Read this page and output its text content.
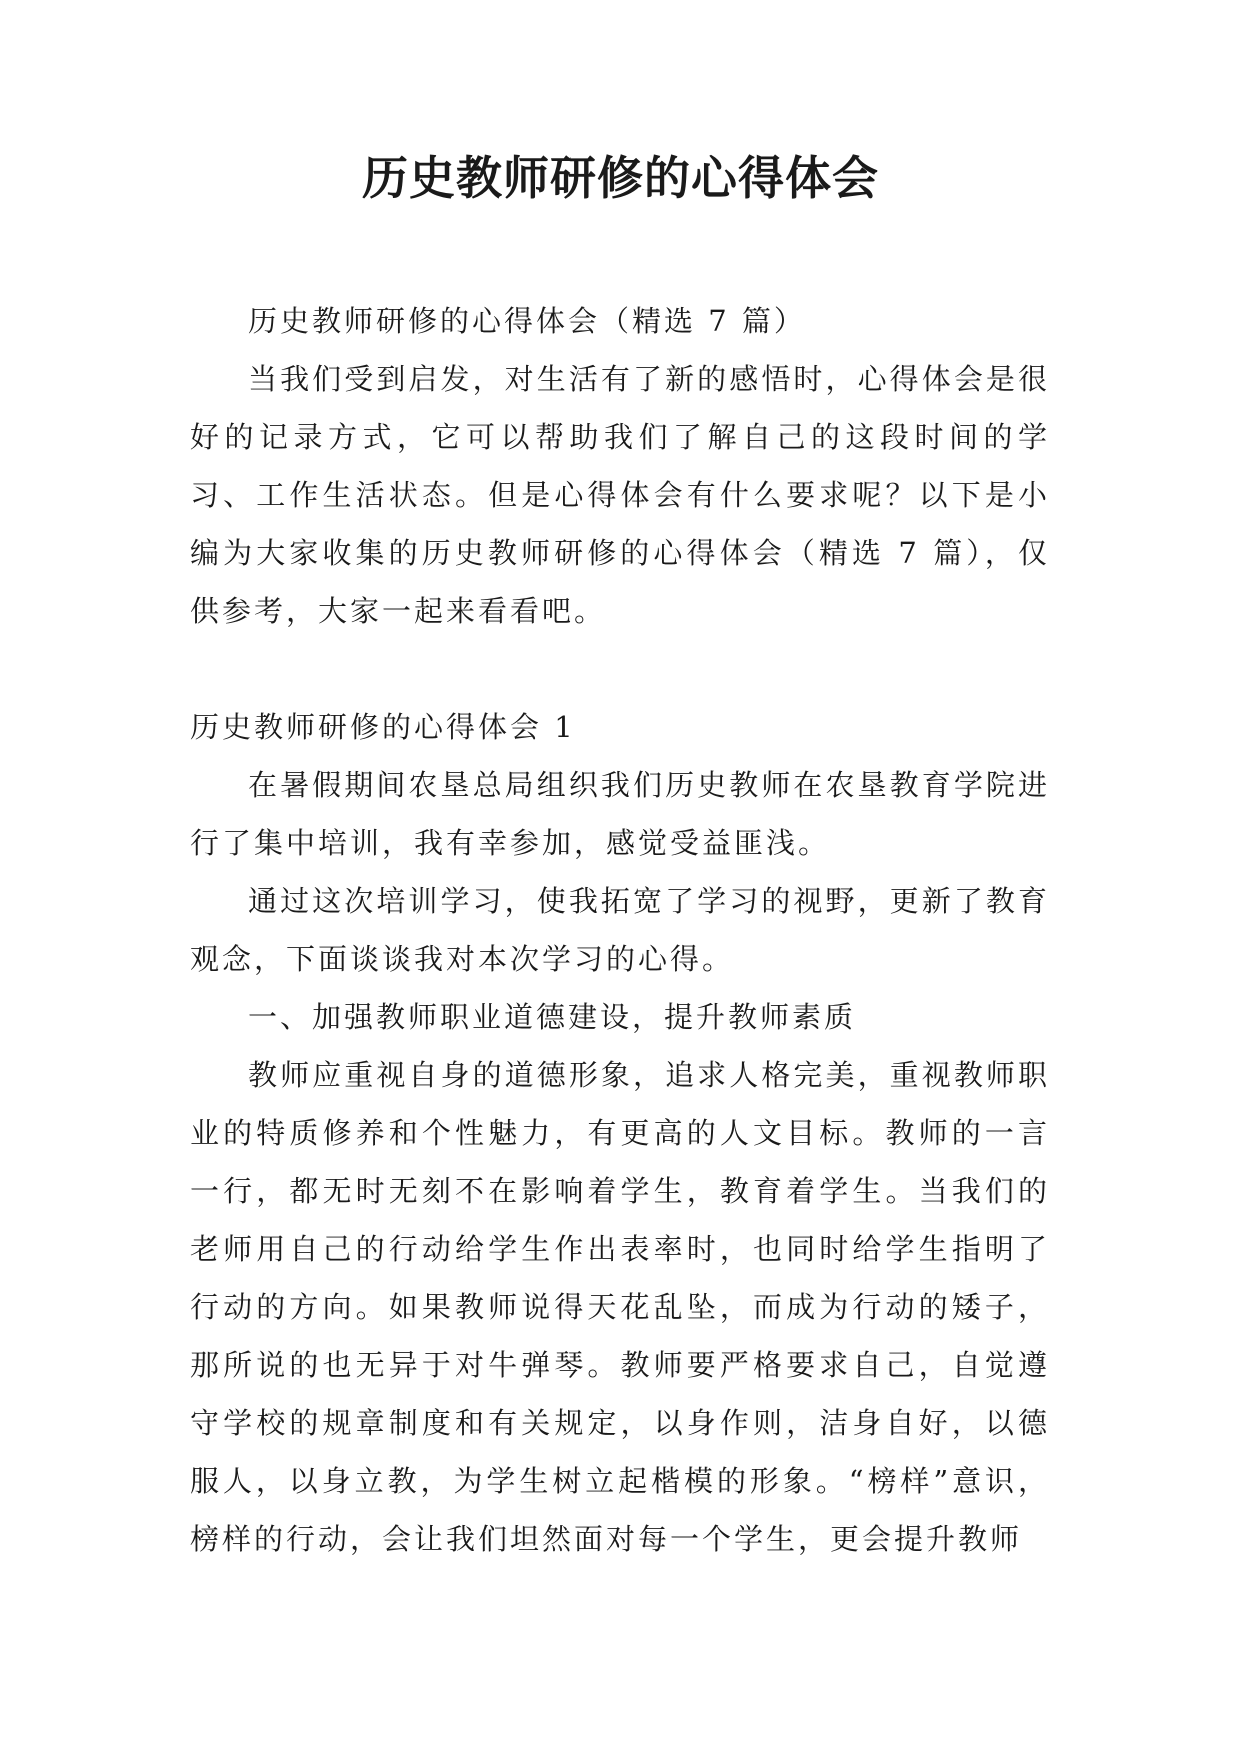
历史教师研修的心得体会

历史教师研修的心得体会（精选 7 篇）

当我们受到启发，对生活有了新的感悟时，心得体会是很好的记录方式，它可以帮助我们了解自己的这段时间的学习、工作生活状态。但是心得体会有什么要求呢？以下是小编为大家收集的历史教师研修的心得体会（精选 7 篇），仅供参考，大家一起来看看吧。

历史教师研修的心得体会 1

在暑假期间农垦总局组织我们历史教师在农垦教育学院进行了集中培训，我有幸参加，感觉受益匪浅。

通过这次培训学习，使我拓宽了学习的视野，更新了教育观念，下面谈谈我对本次学习的心得。

一、加强教师职业道德建设，提升教师素质

教师应重视自身的道德形象，追求人格完美，重视教师职业的特质修养和个性魅力，有更高的人文目标。教师的一言一行，都无时无刻不在影响着学生，教育着学生。当我们的老师用自己的行动给学生作出表率时，也同时给学生指明了行动的方向。如果教师说得天花乱坠，而成为行动的矮子，那所说的也无异于对牛弹琴。教师要严格要求自己，自觉遵守学校的规章制度和有关规定，以身作则，洁身自好，以德服人，以身立教，为学生树立起楷模的形象。“榜样”意识，榜样的行动，会让我们坦然面对每一个学生，更会提升教师
